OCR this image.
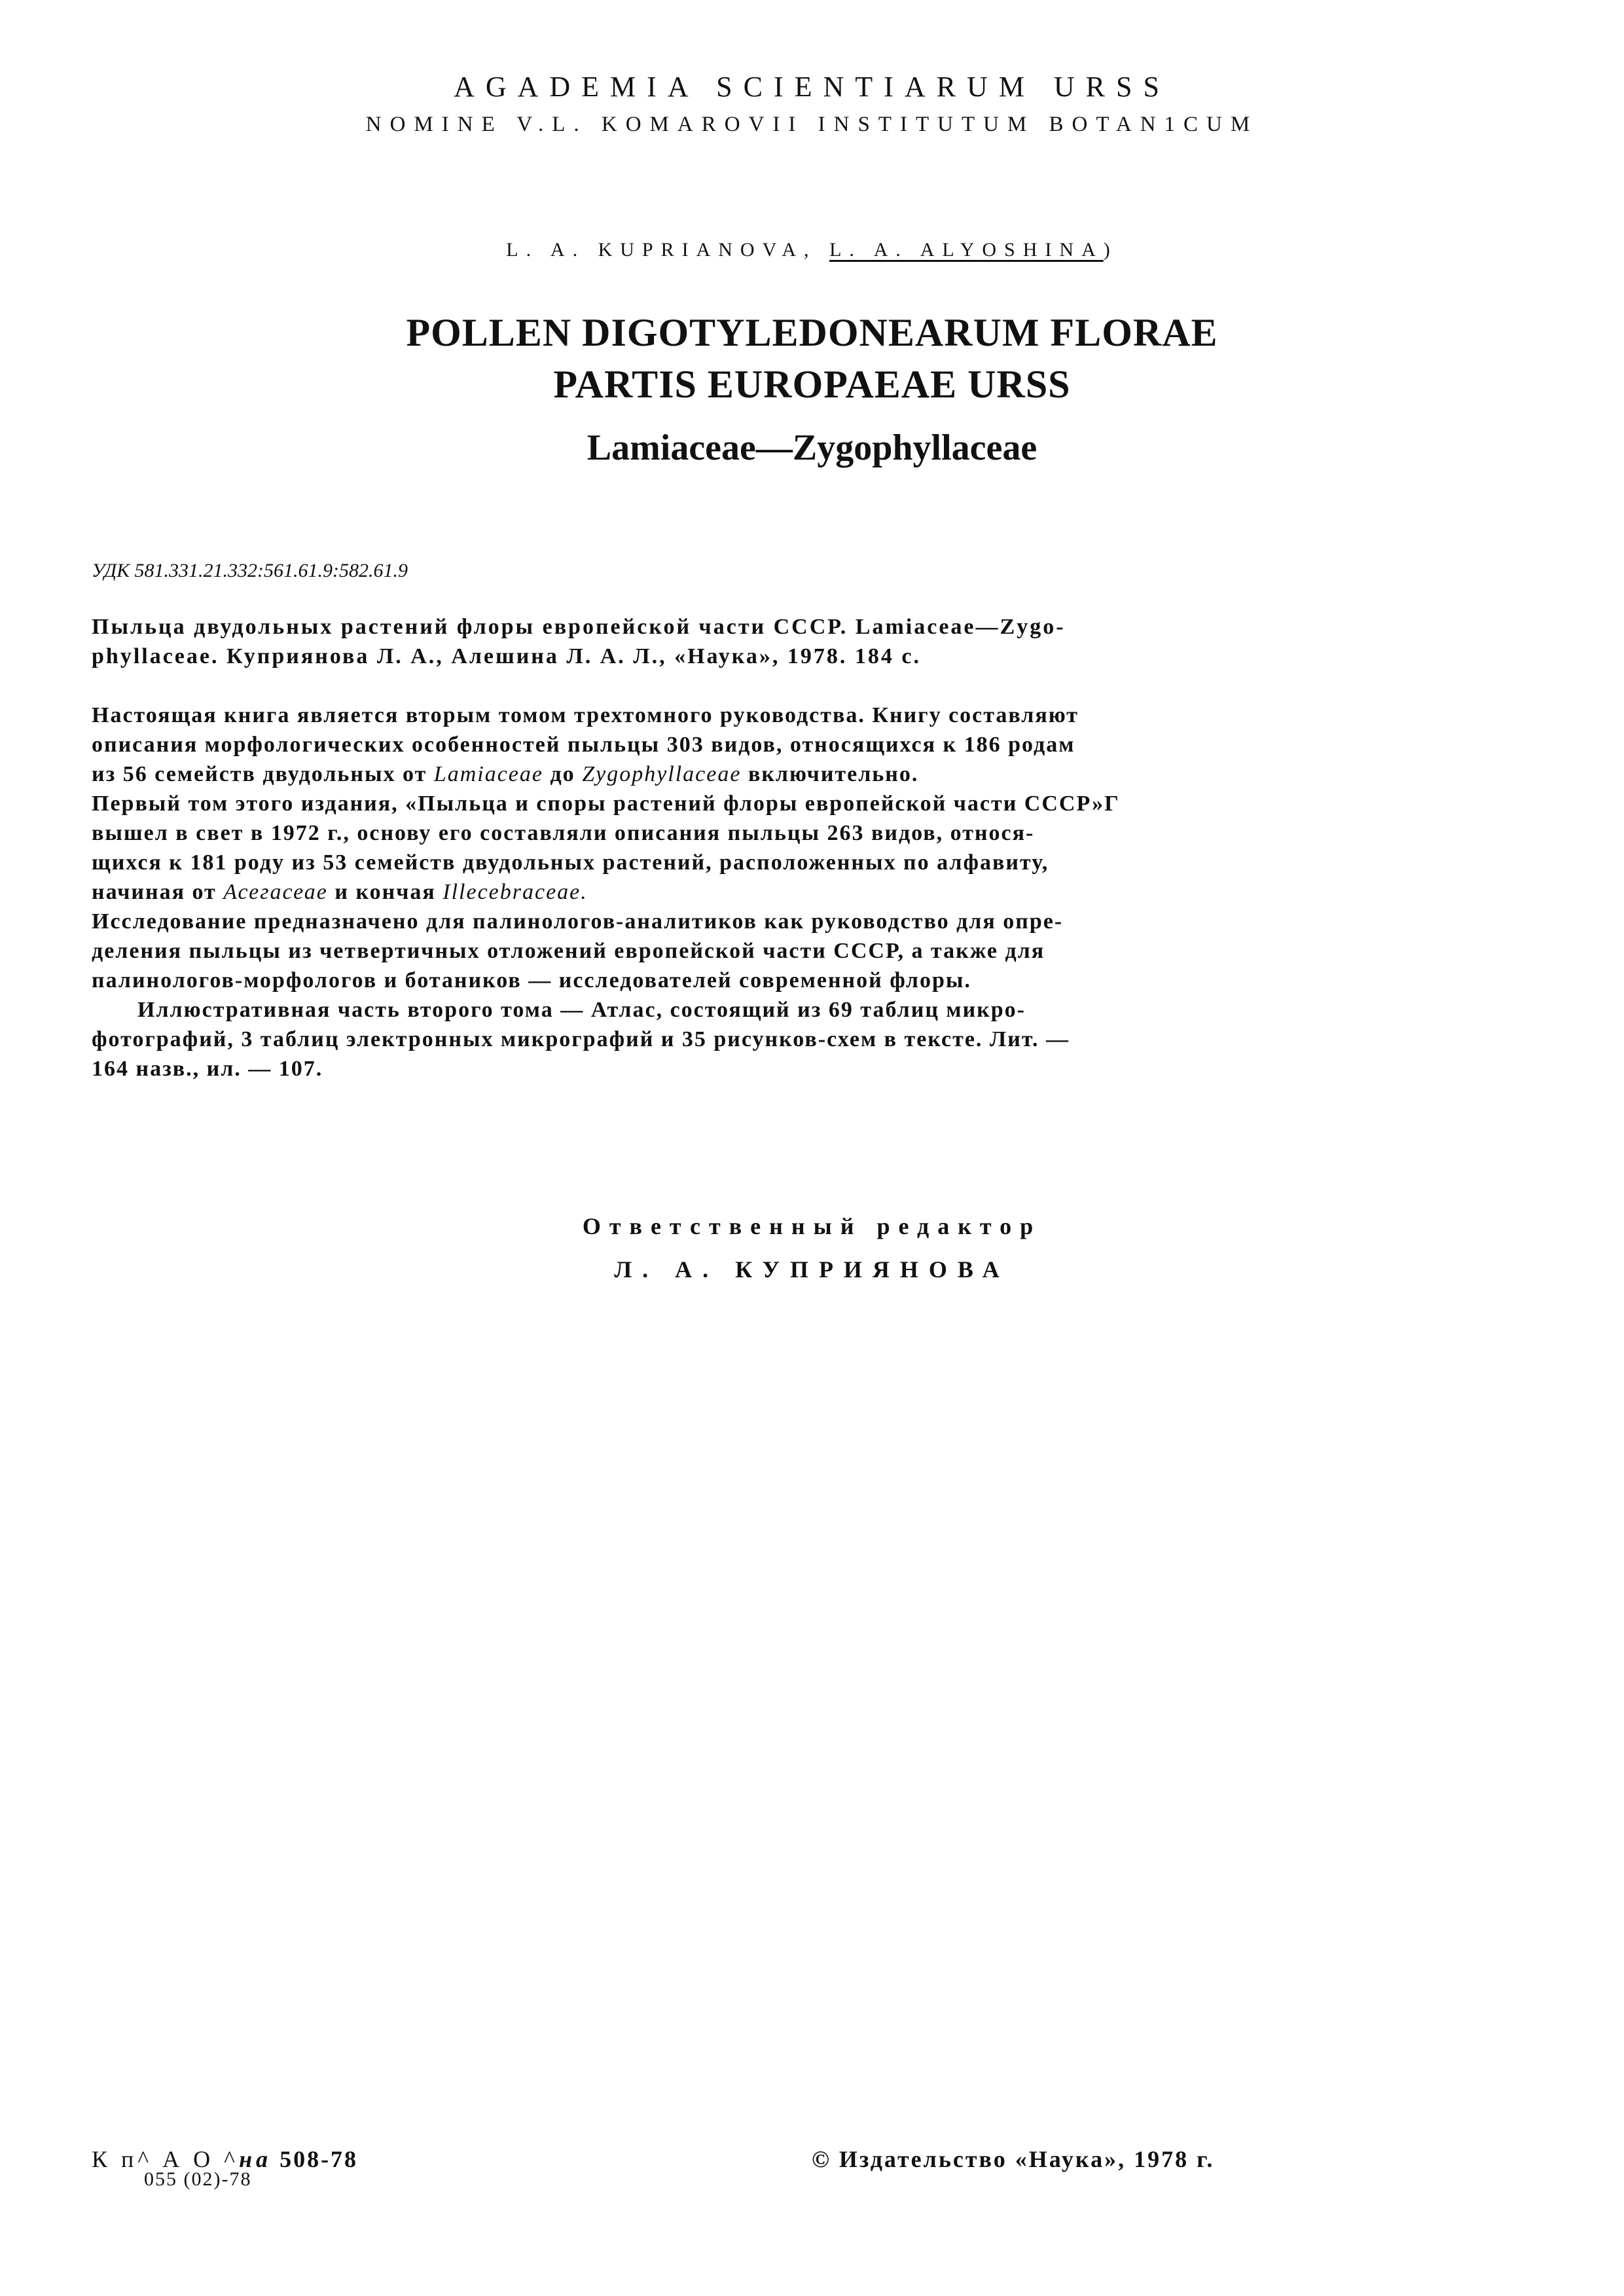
AGADEMIA SCIENTIARUM URSS
NOMINE V.L. KOMAROVII INSTITUTUM BOTAN1CUM
L. A. KUPRIANOVA, L. A. ALYOSHINA)
POLLEN DIGOTYLEDONEARUM FLORAE
PARTIS EUROPAEAE URSS
Lamiaceae—Zygophyllaceae
УДК 581.331.21.332:561.61.9:582.61.9
Пыльца двудольных растений флоры европейской части СССР. Lamiaceae—Zygo-
phyllaceae. Куприянова Л. А., Алешина Л. А. Л., «Наука», 1978. 184 с.
Настоящая книга является вторым томом трехтомного руководства. Книгу составляют
описания морфологических особенностей пыльцы 303 видов, относящихся к 186 родам
из 56 семейств двудольных от Lamiaceae до Zygophyllaceae включительно.
Первый том этого издания, «Пыльца и споры растений флоры европейской части СССР»Г
вышел в свет в 1972 г., основу его составляли описания пыльцы 263 видов, относя-
щихся к 181 роду из 53 семейств двудольных растений, расположенных по алфавиту,
начиная от Асегасеае и кончая Illecebraceae.
Исследование предназначено для палинологов-аналитиков как руководство для опре-
деления пыльцы из четвертичных отложений европейской части СССР, а также для
палинологов-морфологов и ботаников — исследователей современной флоры.
Иллюстративная часть второго тома — Атлас, состоящий из 69 таблиц микро-
фотографий, 3 таблиц электронных микрографий и 35 рисунков-схем в тексте. Лит. —
164 назв., ил. — 107.
Ответственный редактор
Л. А. КУПРИЯНОВА
К п^ А О ^на 508-78
055 (02)-78
© Издательство «Наука», 1978 г.
